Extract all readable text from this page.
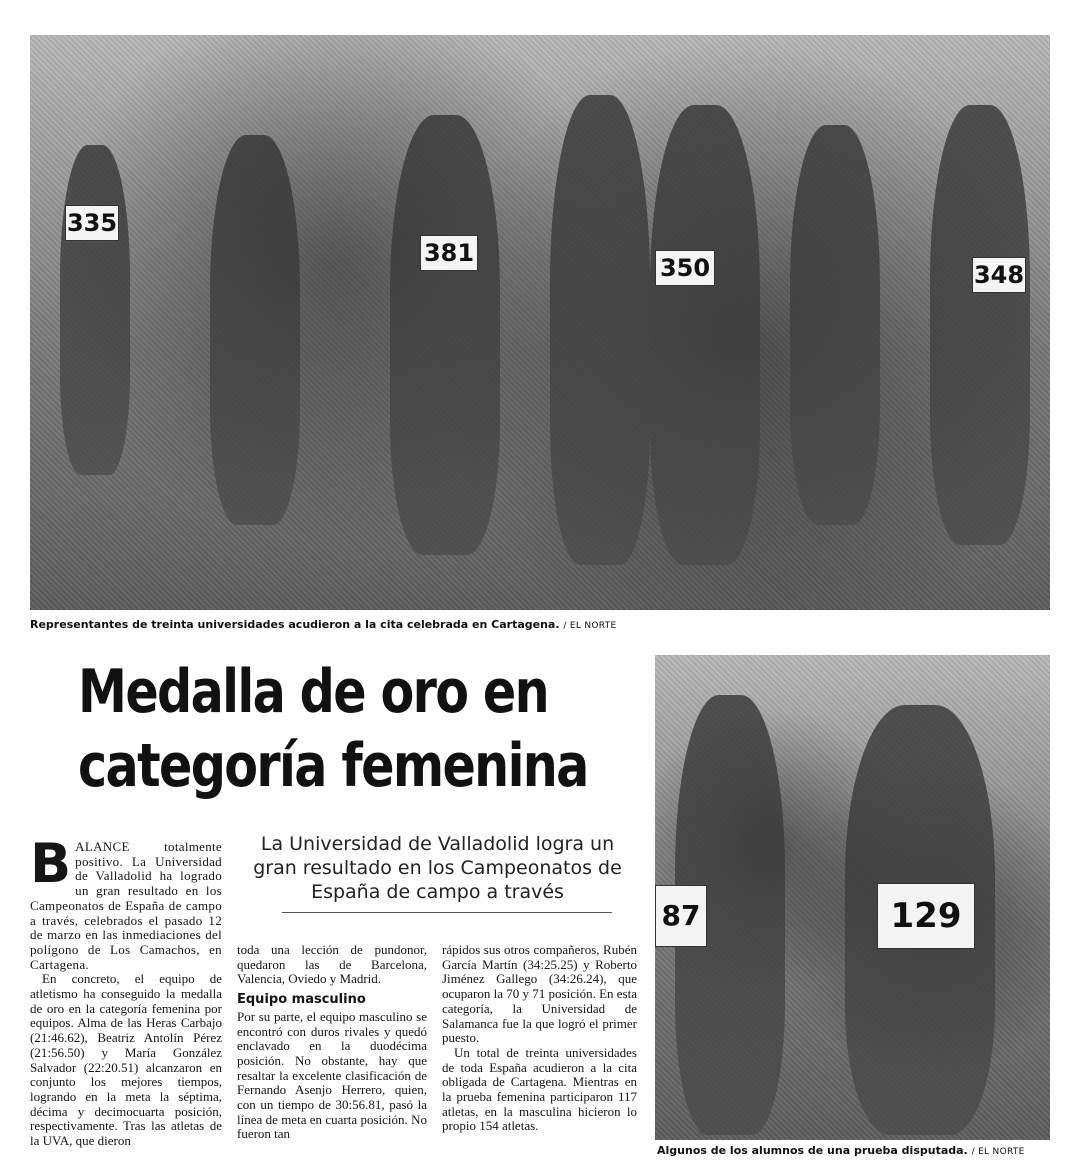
335
381
350	348
Representantes de treinta universidades acudieron a la cita celebrada en Cartagena. / EL NORTE
Medalla de oro en
categoría femenina
La Universidad de Valladolid logra un gran resultado en los Campeonatos de España de campo a través

BALANCE totalmente positivo. La Universidad de Valladolid ha logrado un gran resultado en los Campeonatos de España de campo a través, celebrados el pasado 12 de marzo en las inmediaciones del polígono de Los Camachos, en Cartagena.

En concreto, el equipo de atletismo ha conseguido la medalla de oro en la categoría femenina por equipos. Alma de las Heras Carbajo (21:46.62), Beatriz Antolín Pérez (21:56.50) y María González Salvador (22:20.51) alcanzaron en conjunto los mejores tiempos, logrando en la meta la séptima, décima y decimocuarta posición, respectivamente. Tras las atletas de la UVA, que dieron

toda una lección de pundonor, quedaron las de Barcelona, Valencia, Oviedo y Madrid.

Equipo masculino

Por su parte, el equipo masculino se encontró con duros rivales y quedó enclavado en la duodécima posición. No obstante, hay que resaltar la excelente clasificación de Fernando Asenjo Herrero, quien, con un tiempo de 30:56.81, pasó la línea de meta en cuarta posición. No fueron tan

rápidos sus otros compañeros, Rubén García Martín (34:25.25) y Roberto Jiménez Gallego (34:26.24), que ocuparon la 70 y 71 posición. En esta categoría, la Universidad de Salamanca fue la que logró el primer puesto.

Un total de treinta universidades de toda España acudieron a la cita obligada de Cartagena. Mientras en la prueba femenina participaron 117 atletas, en la masculina hicieron lo propio 154 atletas.

87	129
Algunos de los alumnos de una prueba disputada. / EL NORTE
